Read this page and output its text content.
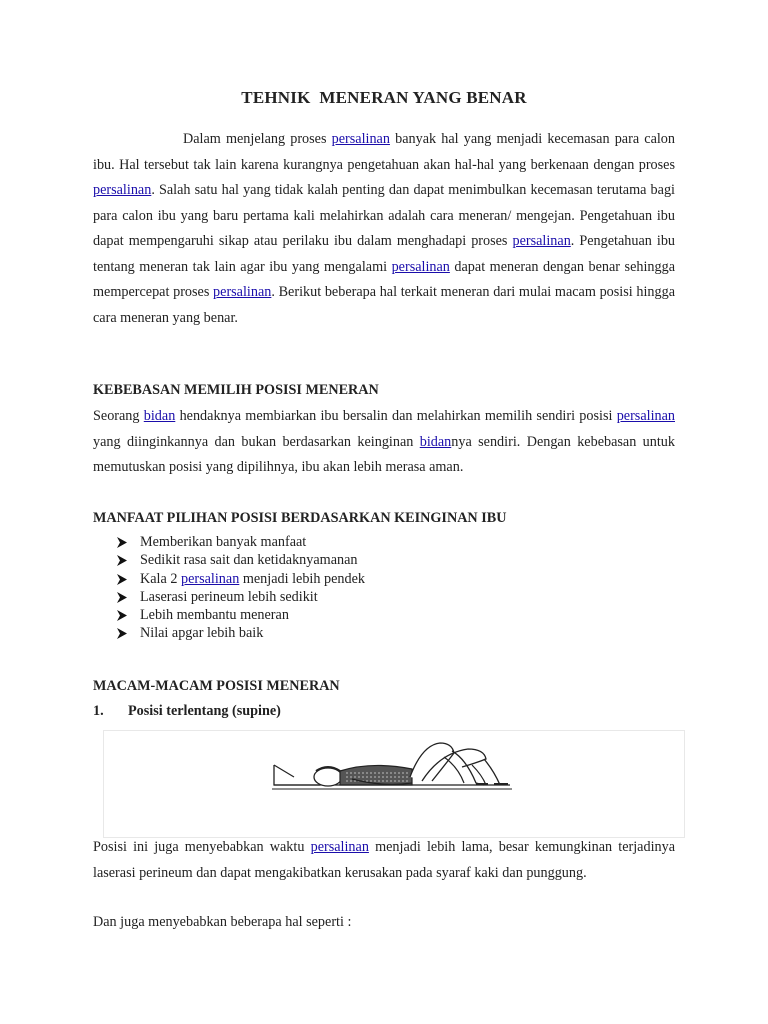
TEHNIK  MENERAN YANG BENAR

Dalam menjelang proses persalinan banyak hal yang menjadi kecemasan para calon ibu. Hal tersebut tak lain karena kurangnya pengetahuan akan hal-hal yang berkenaan dengan proses persalinan. Salah satu hal yang tidak kalah penting dan dapat menimbulkan kecemasan terutama bagi para calon ibu yang baru pertama kali melahirkan adalah cara meneran/ mengejan. Pengetahuan ibu dapat mempengaruhi sikap atau perilaku ibu dalam menghadapi proses persalinan. Pengetahuan ibu tentang meneran tak lain agar ibu yang mengalami persalinan dapat meneran dengan benar sehingga mempercepat proses persalinan. Berikut beberapa hal terkait meneran dari mulai macam posisi hingga cara meneran yang benar.

KEBEBASAN MEMILIH POSISI MENERAN

Seorang bidan hendaknya membiarkan ibu bersalin dan melahirkan memilih sendiri posisi persalinan yang diinginkannya dan bukan berdasarkan keinginan bidannya sendiri. Dengan kebebasan untuk memutuskan posisi yang dipilihnya, ibu akan lebih merasa aman.

MANFAAT PILIHAN POSISI BERDASARKAN KEINGINAN IBU
Memberikan banyak manfaat
Sedikit rasa sait dan ketidaknyamanan
Kala 2 persalinan menjadi lebih pendek
Laserasi perineum lebih sedikit
Lebih membantu meneran
Nilai apgar lebih baik
MACAM-MACAM POSISI MENERAN
1. Posisi terlentang (supine)

Posisi ini juga menyebabkan waktu persalinan menjadi lebih lama, besar kemungkinan terjadinya laserasi perineum dan dapat mengakibatkan kerusakan pada syaraf kaki dan punggung.

Dan juga menyebabkan beberapa hal seperti :
